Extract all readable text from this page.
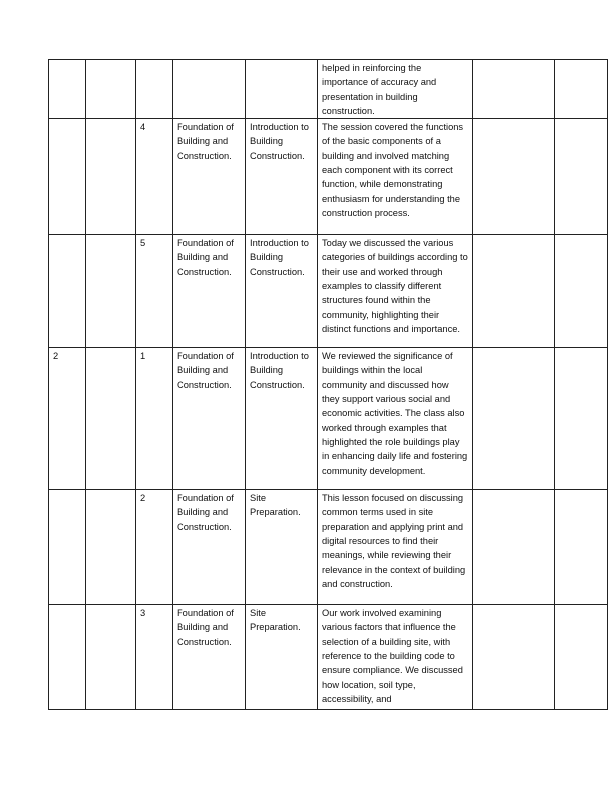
					helped in reinforcing the importance of accuracy and presentation in building construction.		
		4	Foundation of Building and Construction.	Introduction to Building Construction.	The session covered the functions of the basic components of a building and involved matching each component with its correct function, while demonstrating enthusiasm for understanding the construction process.		
		5	Foundation of Building and Construction.	Introduction to Building Construction.	Today we discussed the various categories of buildings according to their use and worked through examples to classify different structures found within the community, highlighting their distinct functions and importance.		
2		1	Foundation of Building and Construction.	Introduction to Building Construction.	We reviewed the significance of buildings within the local community and discussed how they support various social and economic activities. The class also worked through examples that highlighted the role buildings play in enhancing daily life and fostering community development.		
		2	Foundation of Building and Construction.	Site Preparation.	This lesson focused on discussing common terms used in site preparation and applying print and digital resources to find their meanings, while reviewing their relevance in the context of building and construction.		
		3	Foundation of Building and Construction.	Site Preparation.	Our work involved examining various factors that influence the selection of a building site, with reference to the building code to ensure compliance. We discussed how location, soil type, accessibility, and		
